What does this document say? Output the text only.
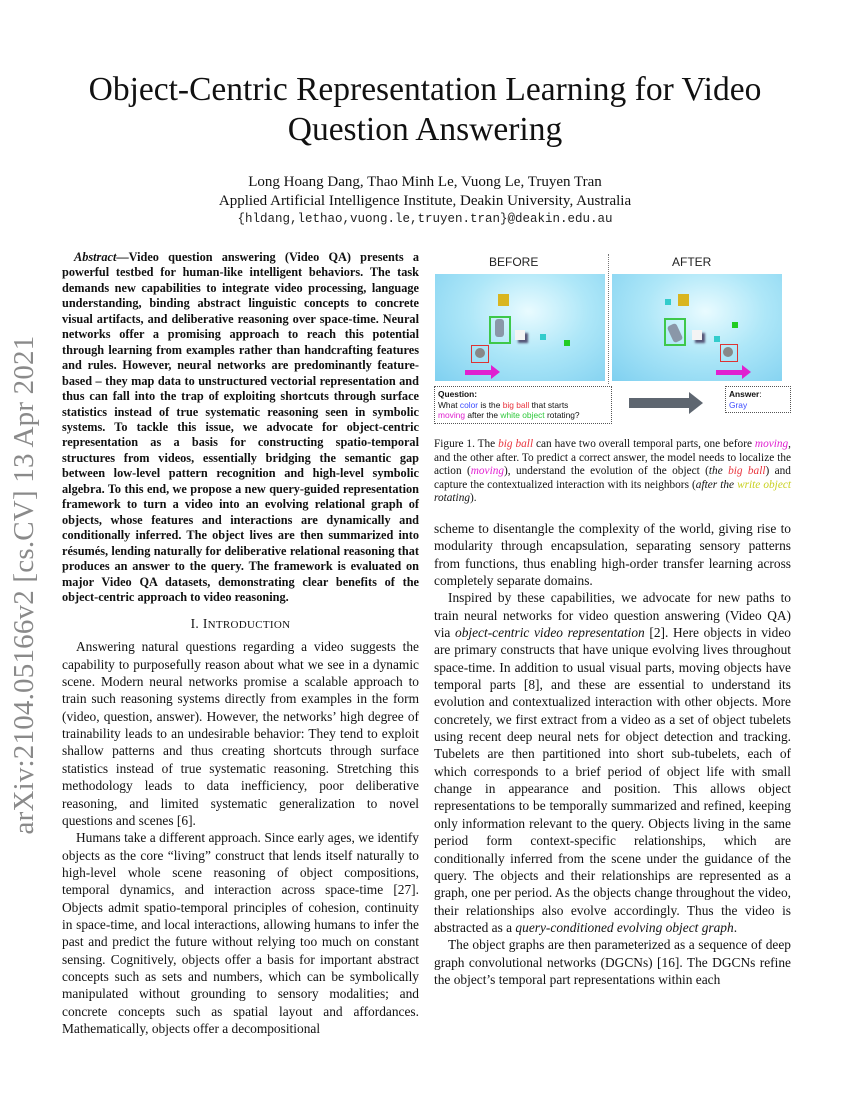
arXiv:2104.05166v2 [cs.CV] 13 Apr 2021
Object-Centric Representation Learning for Video Question Answering
Long Hoang Dang, Thao Minh Le, Vuong Le, Truyen Tran
Applied Artificial Intelligence Institute, Deakin University, Australia
{hldang,lethao,vuong.le,truyen.tran}@deakin.edu.au
Abstract—Video question answering (Video QA) presents a powerful testbed for human-like intelligent behaviors. The task demands new capabilities to integrate video processing, language understanding, binding abstract linguistic concepts to concrete visual artifacts, and deliberative reasoning over space-time. Neural networks offer a promising approach to reach this potential through learning from examples rather than handcrafting features and rules. However, neural networks are predominantly feature-based – they map data to unstructured vectorial representation and thus can fall into the trap of exploiting shortcuts through surface statistics instead of true systematic reasoning seen in symbolic systems. To tackle this issue, we advocate for object-centric representation as a basis for constructing spatio-temporal structures from videos, essentially bridging the semantic gap between low-level pattern recognition and high-level symbolic algebra. To this end, we propose a new query-guided representation framework to turn a video into an evolving relational graph of objects, whose features and interactions are dynamically and conditionally inferred. The object lives are then summarized into résumés, lending naturally for deliberative relational reasoning that produces an answer to the query. The framework is evaluated on major Video QA datasets, demonstrating clear benefits of the object-centric approach to video reasoning.
I. INTRODUCTION

Answering natural questions regarding a video suggests the capability to purposefully reason about what we see in a dynamic scene. Modern neural networks promise a scalable approach to train such reasoning systems directly from examples in the form (video, question, answer). However, the networks’ high degree of trainability leads to an undesirable behavior: They tend to exploit shallow patterns and thus creating shortcuts through surface statistics instead of true systematic reasoning. Stretching this methodology leads to data inefficiency, poor deliberative reasoning, and limited systematic generalization to novel questions and scenes [6].

Humans take a different approach. Since early ages, we identify objects as the core “living” construct that lends itself naturally to high-level whole scene reasoning of object compositions, temporal dynamics, and interaction across space-time [27]. Objects admit spatio-temporal principles of cohesion, continuity in space-time, and local interactions, allowing humans to infer the past and predict the future without relying too much on constant sensing. Cognitively, objects offer a basis for important abstract concepts such as sets and numbers, which can be symbolically manipulated without grounding to sensory modalities; and concrete concepts such as spatial layout and affordances. Mathematically, objects offer a decompositional

BEFORE	AFTER
Question:
What color is the big ball that starts
moving after the white object rotating?
Answer:
Gray
Figure 1. The big ball can have two overall temporal parts, one before moving, and the other after. To predict a correct answer, the model needs to localize the action (moving), understand the evolution of the object (the big ball) and capture the contextualized interaction with its neighbors (after the write object rotating).

scheme to disentangle the complexity of the world, giving rise to modularity through encapsulation, separating sensory patterns from functions, thus enabling high-order transfer learning across completely separate domains.

Inspired by these capabilities, we advocate for new paths to train neural networks for video question answering (Video QA) via object-centric video representation [2]. Here objects in video are primary constructs that have unique evolving lives throughout space-time. In addition to usual visual parts, moving objects have temporal parts [8], and these are essential to understand its evolution and contextualized interaction with other objects. More concretely, we first extract from a video as a set of object tubelets using recent deep neural nets for object detection and tracking. Tubelets are then partitioned into short sub-tubelets, each of which corresponds to a brief period of object life with small change in appearance and position. This allows object representations to be temporally summarized and refined, keeping only information relevant to the query. Objects living in the same period form context-specific relationships, which are conditionally inferred from the scene under the guidance of the query. The objects and their relationships are represented as a graph, one per period. As the objects change throughout the video, their relationships also evolve accordingly. Thus the video is abstracted as a query-conditioned evolving object graph.

The object graphs are then parameterized as a sequence of deep graph convolutional networks (DGCNs) [16]. The DGCNs refine the object’s temporal part representations within each
